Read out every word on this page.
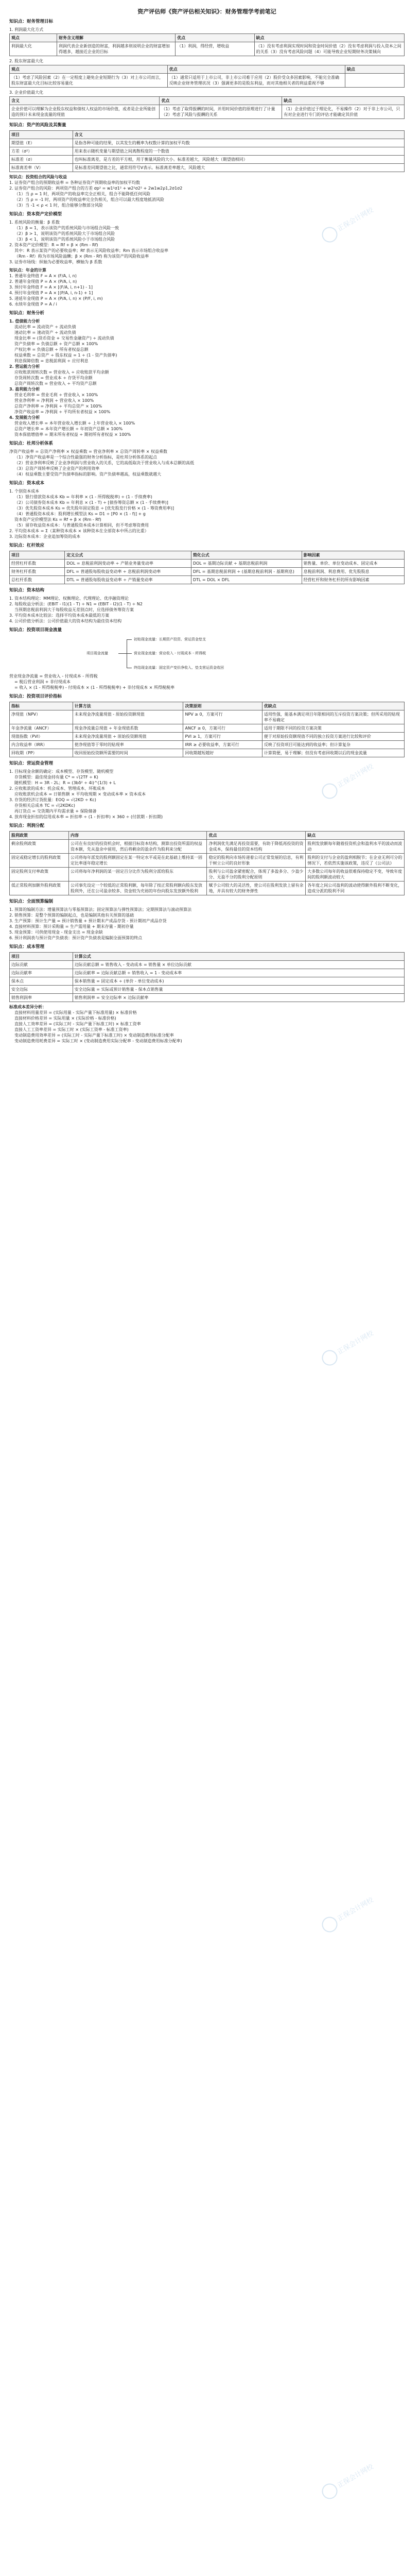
正保会计网校
正保会计网校
正保会计网校
正保会计网校
正保会计网校
资产评估师《资产评估相关知识》：财务管理学考前笔记
知识点：财务管理目标

1. 利润最大化方式

观点	财务含义理解	优点	缺点
利润最大化	利润代表企业新创造的财富，利润越多则说明企业的财富增加得越多，越接近企业的目标	（1）利润，得经营，增收益	（1）没有考虑利润实现时间和资金时间价值（2）没有考虑利润与投入资本之间的关系（3）没有考虑风险问题（4）可能导致企业短期财务决策倾向

2. 股东财富最大化

观点	优点	缺点
（1）考虑了风险因素（2）在一定程度上避免企业短期行为（3）对上市公司而言，股东财富最大化目标比较容易量化	（1）通常只适用于上市公司，非上市公司难于应用（2）股价受众多因素影响，不能完全准确反映企业财务管理状况（3）强调更多的是股东利益，而对其他相关者的利益重视不够	

3. 企业价值最大化

含义	优点	缺点
企业价值可以理解为企业股东权益和债权人权益的市场价值，或者是企业所能创造的预计未来现金流量的现值	（1）考虑了取得报酬的时间，并用时间价值的原理进行了计量（2）考虑了风险与报酬的关系	（1）企业价值过于理论化，不易操作（2）对于非上市公司，只有对企业进行专门的评估才能确定其价值
知识点：资产的风险及其衡量
项目	含义
期望值（E）	是指各种可能的结果，以其发生的概率为权数计算的加权平均数
方差（σ²）	用来表示随机变量与期望值之间离散程度的一个数值
标准差（σ）	也叫标准离差，是方差的平方根，用于衡量风险的大小。标准差越大，风险越大（期望值相同）
标准离差率（V）	是标准差同期望值之比，通常用符号V表示。标准离差率越大，风险越大

知识点：投资组合的风险与收益

1. 证券资产组合的预期收益率 = 各种证券资产预期收益率的加权平均数

2. 证券资产组合的风险：两项资产组合的方差 σp² = w1²σ1² + w2²σ2² + 2w1w2ρ1,2σ1σ2

（1）当 ρ = 1 时，两项资产的收益率完全正相关，组合不能降低任何风险

（2）当 ρ = -1 时，两项资产的收益率完全负相关，组合可以最大程度地抵消风险

（3）当 -1 < ρ < 1 时，组合能够分散部分风险

知识点：资本资产定价模型

1. 系统风险的衡量：β 系数

（1）β = 1，表示该资产的系统风险与市场组合风险一致

（2）β > 1，说明该资产的系统风险大于市场组合风险

（3）β < 1，说明该资产的系统风险小于市场组合风险

2. 资本资产定价模型：R = Rf + β × (Rm - Rf)

其中：R 表示某资产的必要收益率；Rf 表示无风险收益率；Rm 表示市场组合收益率

（Rm - Rf）称为市场风险溢酬；β × (Rm - Rf) 称为该资产的风险收益率

3. 证券市场线：纵轴为必要收益率，横轴为 β 系数

知识点：年金的计算

1. 普通年金终值 F = A × (F/A, i, n)

2. 普通年金现值 P = A × (P/A, i, n)

3. 预付年金终值 F = A × [(F/A, i, n+1) - 1]

4. 预付年金现值 P = A × [(P/A, i, n-1) + 1]

5. 递延年金现值 P = A × (P/A, i, n) × (P/F, i, m)

6. 永续年金现值 P = A / i

知识点：财务分析

1. 偿债能力分析

流动比率 = 流动资产 ÷ 流动负债

速动比率 = 速动资产 ÷ 流动负债

现金比率 = (货币资金 + 交易性金融资产) ÷ 流动负债

资产负债率 = 负债总额 ÷ 资产总额 × 100%

产权比率 = 负债总额 ÷ 所有者权益总额

权益乘数 = 总资产 ÷ 股东权益 = 1 ÷ (1 - 资产负债率)

利息保障倍数 = 息税前利润 ÷ 应付利息

2. 营运能力分析

应收账款周转次数 = 营业收入 ÷ 应收账款平均余额

存货周转次数 = 营业成本 ÷ 存货平均余额

总资产周转次数 = 营业收入 ÷ 平均资产总额

3. 盈利能力分析

营业毛利率 = 营业毛利 ÷ 营业收入 × 100%

营业净利率 = 净利润 ÷ 营业收入 × 100%

总资产净利率 = 净利润 ÷ 平均总资产 × 100%

净资产收益率 = 净利润 ÷ 平均所有者权益 × 100%

4. 发展能力分析

营业收入增长率 = 本年营业收入增长额 ÷ 上年营业收入 × 100%

总资产增长率 = 本年资产增长额 ÷ 年初资产总额 × 100%

资本保值增值率 = 期末所有者权益 ÷ 期初所有者权益 × 100%

知识点：杜邦分析体系

净资产收益率 = 总资产净利率 × 权益乘数 = 营业净利率 × 总资产周转率 × 权益乘数

（1）净资产收益率是一个综合性最强的财务分析指标，是杜邦分析体系的起点

（2）营业净利率反映了企业净利润与营业收入的关系，它的高低取决于营业收入与成本总额的高低

（3）总资产周转率反映了企业资产的利用效率

（4）权益乘数主要受资产负债率指标的影响。资产负债率越高，权益乘数就越大

知识点：资本成本

1. 个别资本成本

（1）银行借款资本成本 Kb = 年利率 × (1 - 所得税税率) ÷ (1 - 手续费率)

（2）公司债券资本成本 Kb = 年利息 × (1 - T) ÷ [债券筹资总额 × (1 - 手续费率)]

（3）优先股资本成本 Ks = 优先股年固定股息 ÷ [优先股发行价格 × (1 - 筹资费用率)]

（4）普通股资本成本：股利增长模型法 Ks = D1 ÷ [P0 × (1 - f)] + g

资本资产定价模型法 Ks = Rf + β × (Rm - Rf)

（5）留存收益资本成本：与普通股资本成本计算相同，但不考虑筹资费用

2. 平均资本成本 = Σ（某种资本成本 × 该种资本在全部资本中所占的比重）

3. 边际资本成本：企业追加筹资的成本

知识点：杠杆效应
项目	定义公式	简化公式	影响因素
经营杠杆系数	DOL = 息税前利润变动率 ÷ 产销业务量变动率	DOL = 基期边际贡献 ÷ 基期息税前利润	销售量、单价、单位变动成本、固定成本
财务杠杆系数	DFL = 普通股每股收益变动率 ÷ 息税前利润变动率	DFL = 基期息税前利润 ÷ (基期息税前利润 - 基期利息)	息税前利润、利息费用、优先股股息
总杠杆系数	DTL = 普通股每股收益变动率 ÷ 产销量变动率	DTL = DOL × DFL	经营杠杆和财务杠杆的所有影响因素
知识点：资本结构

1. 资本结构理论：MM理论、权衡理论、代理理论、优序融资理论

2. 每股收益分析法：(EBIT - I1)(1 - T) ÷ N1 = (EBIT - I2)(1 - T) ÷ N2

当预期息税前利润大于每股收益无差别点时，应选择债务筹资方案

3. 平均资本成本比较法：选择平均资本成本最低的方案

4. 公司价值分析法：公司价值最大的资本结构为最佳资本结构

知识点：投资项目现金流量
项目现金流量
初始现金流量：长期资产投资、营运资金垫支
营业现金流量：营业收入 - 付现成本 - 所得税
终结现金流量：固定资产变价净收入、垫支营运资金收回

营业现金净流量 = 营业收入 - 付现成本 - 所得税

= 税后营业利润 + 非付现成本

= 收入 × (1 - 所得税税率) - 付现成本 × (1 - 所得税税率) + 非付现成本 × 所得税税率

知识点：投资项目评价指标
指标	计算方法	决策原则	优缺点
净现值（NPV）	未来现金净流量现值 - 原始投资额现值	NPV ≥ 0，方案可行	适用性强，能基本满足项目年限相同的互斥投资方案决策；但所采用的贴现率不易确定
年金净流量（ANCF）	现金净流量总现值 ÷ 年金现值系数	ANCF ≥ 0，方案可行	适用于期限不同的投资方案决策
现值指数（PVI）	未来现金净流量现值 ÷ 原始投资额现值	PVI ≥ 1，方案可行	便于对原始投资额现值不同的独立投资方案进行比较和评价
内含收益率（IRR）	使净现值等于零时的贴现率	IRR ≥ 必要收益率，方案可行	反映了投资项目可能达到的收益率；但计算复杂
回收期（PP）	收回原始投资额所需要的时间	回收期越短越好	计算简便，易于理解；但没有考虑回收期以后的现金流量
知识点：营运资金管理

1. 目标现金余额的确定：成本模型、存货模型、随机模型

存货模型：最佳现金持有量 C* = √(2TF ÷ K)

随机模型：H = 3R - 2L；R = (3bδ² ÷ 4i)^(1/3) + L

2. 应收账款的成本：机会成本、管理成本、坏账成本

应收账款机会成本 = 日销售额 × 平均收现期 × 变动成本率 × 资本成本

3. 存货的经济订货批量：EOQ = √(2KD ÷ Kc)

存货相关总成本 TC = √(2KDKc)

再订货点 = 交货期内平均需求量 + 保险储备

4. 放弃现金折扣的信用成本率 = 折扣率 ÷ (1 - 折扣率) × 360 ÷ (付款期 - 折扣期)

知识点：利润分配
股利政策	内容	优点	缺点
剩余股利政策	公司在有良好的投资机会时，根据目标资本结构，测算出投资所需的权益资本额，先从盈余中留用，然后将剩余的盈余作为股利来分配	净利润优先满足再投资需要，有助于降低再投资的资金成本，保持最佳的资本结构	股利发放额每年随着投资机会和盈利水平的波动而波动
固定或稳定增长的股利政策	公司将每年派发的股利额固定在某一特定水平或是在此基础上维持某一固定比率逐年稳定增长	稳定的股利向市场传递着公司正常发展的信息，有利于树立公司的良好形象	股利的支付与企业的盈利相脱节；在企业无利可分的情况下，若依然实施该政策，违反了《公司法》
固定股利支付率政策	公司将每年净利润的某一固定百分比作为股利分派给股东	股利与公司盈余紧密配合，体现了多盈多分、少盈少分、无盈不分的股利分配原则	大多数公司每年的收益很难保持稳定不变，导致年度间的股利额波动较大
低正常股利加额外股利政策	公司事先设定一个较低的正常股利额，每年除了按正常股利额向股东发放股利外，还在公司盈余较多、资金较为充裕的年份向股东发放额外股利	赋予公司较大的灵活性，使公司在股利发放上留有余地，并具有较大的财务弹性	各年度之间公司盈利的波动使得额外股利不断变化，造成分派的股利不同
知识点：全面预算编制

1. 预算的编制方法：增量预算法与零基预算法；固定预算法与弹性预算法；定期预算法与滚动预算法

2. 销售预算：是整个预算的编制起点，也是编制其他有关预算的基础

3. 生产预算：预计生产量 = 预计销售量 + 预计期末产成品存货 - 预计期初产成品存货

4. 直接材料预算：预计采购量 = 生产需用量 + 期末存量 - 期初存量

5. 现金预算：可供使用现金 - 现金支出 = 现金余缺

6. 预计利润表与预计资产负债表：预计资产负债表是编制全面预算的终点

知识点：成本管理
项目	计算公式
边际贡献	边际贡献总额 = 销售收入 - 变动成本 = 销售量 × 单位边际贡献
边际贡献率	边际贡献率 = 边际贡献总额 ÷ 销售收入 = 1 - 变动成本率
保本点	保本销售量 = 固定成本 ÷ (单价 - 单位变动成本)
安全边际	安全边际量 = 实际或预计销售量 - 保本点销售量
销售利润率	销售利润率 = 安全边际率 × 边际贡献率

标准成本差异分析：

直接材料用量差异 = (实际用量 - 实际产量下标准用量) × 标准价格

直接材料价格差异 = 实际用量 × (实际价格 - 标准价格)

直接人工效率差异 = (实际工时 - 实际产量下标准工时) × 标准工资率

直接人工工资率差异 = 实际工时 × (实际工资率 - 标准工资率)

变动制造费用效率差异 = (实际工时 - 实际产量下标准工时) × 变动制造费用标准分配率

变动制造费用耗费差异 = 实际工时 × (变动制造费用实际分配率 - 变动制造费用标准分配率)
